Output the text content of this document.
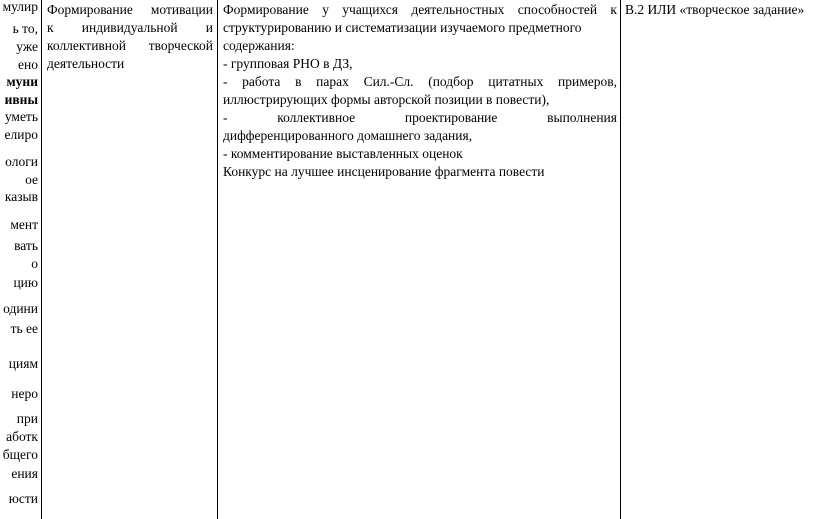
мулир
ь то,
уже
ено
муни
ивны
уметь
елиро
ологи
ое
казыв
мент
вать
о
цию
одини
ть ее
циям
неро
при
аботк
бщего
ения
юсти
Формирование мотивации
к индивидуальной и
коллективной творческой
деятельности
Формирование у учащихся деятельностных способностей к
структурированию и систематизации изучаемого предметного
содержания:
- групповая РНО в ДЗ,
- работа в парах Сил.-Сл. (подбор цитатных примеров,
иллюстрирующих формы авторской позиции в повести),
- коллективное проектирование выполнения
дифференцированного домашнего задания,
- комментирование выставленных оценок
Конкурс на лучшее инсценирование фрагмента повести
В.2 ИЛИ «творческое задание»
